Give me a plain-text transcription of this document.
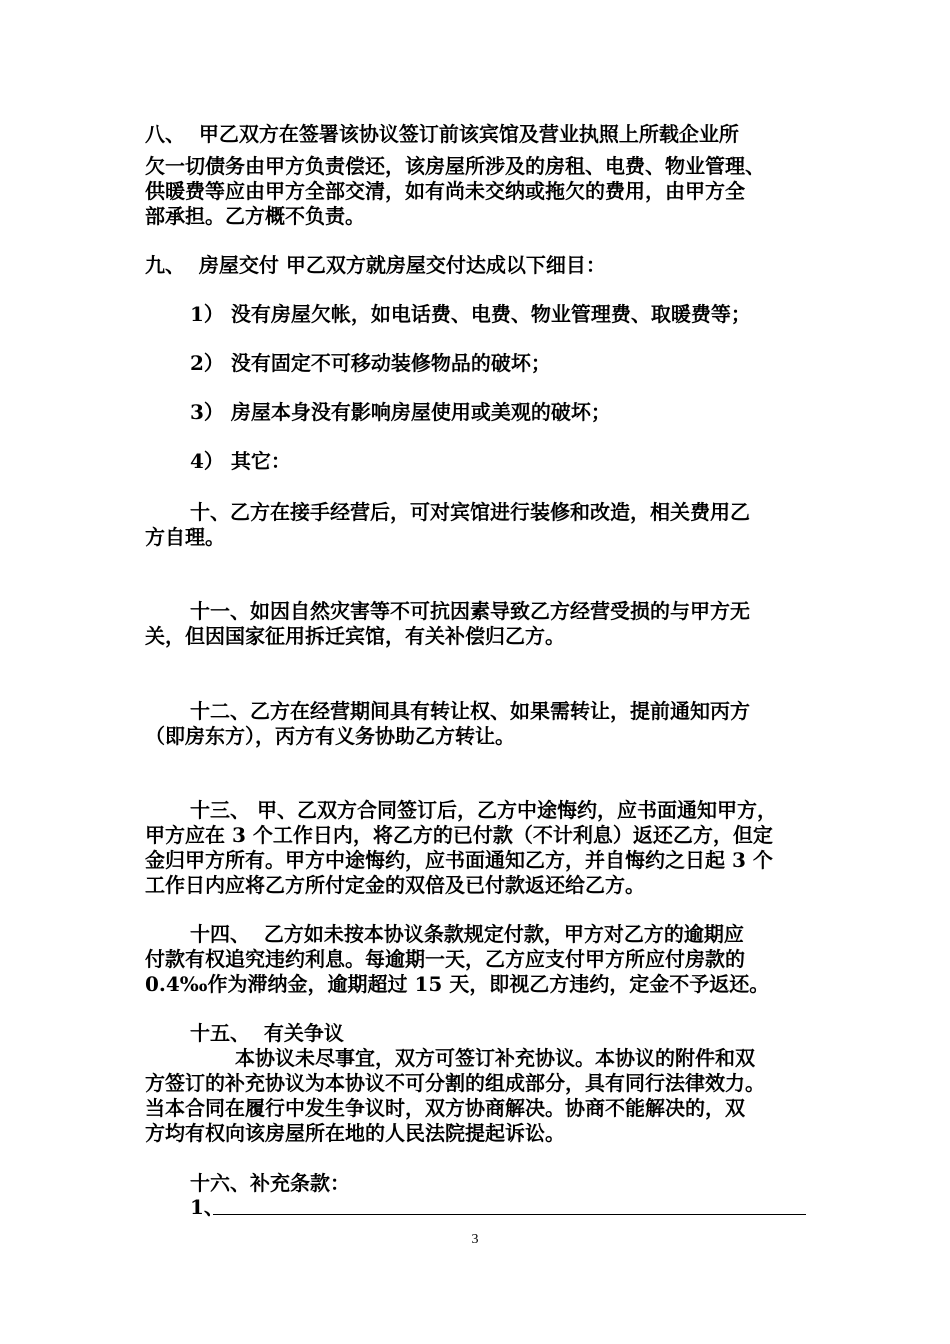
八、  甲乙双方在签署该协议签订前该宾馆及营业执照上所载企业所
欠一切债务由甲方负责偿还，该房屋所涉及的房租、电费、物业管理、
供暖费等应由甲方全部交清，如有尚未交纳或拖欠的费用，由甲方全
部承担。乙方概不负责。
九、  房屋交付 甲乙双方就房屋交付达成以下细目：
1） 没有房屋欠帐，如电话费、电费、物业管理费、取暖费等；
2） 没有固定不可移动装修物品的破坏；
3） 房屋本身没有影响房屋使用或美观的破坏；
4） 其它：
十、乙方在接手经营后，可对宾馆进行装修和改造，相关费用乙
方自理。
十一、如因自然灾害等不可抗因素导致乙方经营受损的与甲方无
关，但因国家征用拆迁宾馆，有关补偿归乙方。
十二、乙方在经营期间具有转让权、如果需转让，提前通知丙方
（即房东方），丙方有义务协助乙方转让。
十三、 甲、乙双方合同签订后，乙方中途悔约，应书面通知甲方，
甲方应在 3 个工作日内，将乙方的已付款（不计利息）返还乙方，但定
金归甲方所有。甲方中途悔约，应书面通知乙方，并自悔约之日起 3 个
工作日内应将乙方所付定金的双倍及已付款返还给乙方。
十四、  乙方如未按本协议条款规定付款，甲方对乙方的逾期应
付款有权追究违约利息。每逾期一天，乙方应支付甲方所应付房款的
0.4‰作为滞纳金，逾期超过 15 天，即视乙方违约，定金不予返还。
十五、  有关争议
本协议未尽事宜，双方可签订补充协议。本协议的附件和双
方签订的补充协议为本协议不可分割的组成部分，具有同行法律效力。
当本合同在履行中发生争议时，双方协商解决。协商不能解决的，双
方均有权向该房屋所在地的人民法院提起诉讼。
十六、补充条款：
1、
3
